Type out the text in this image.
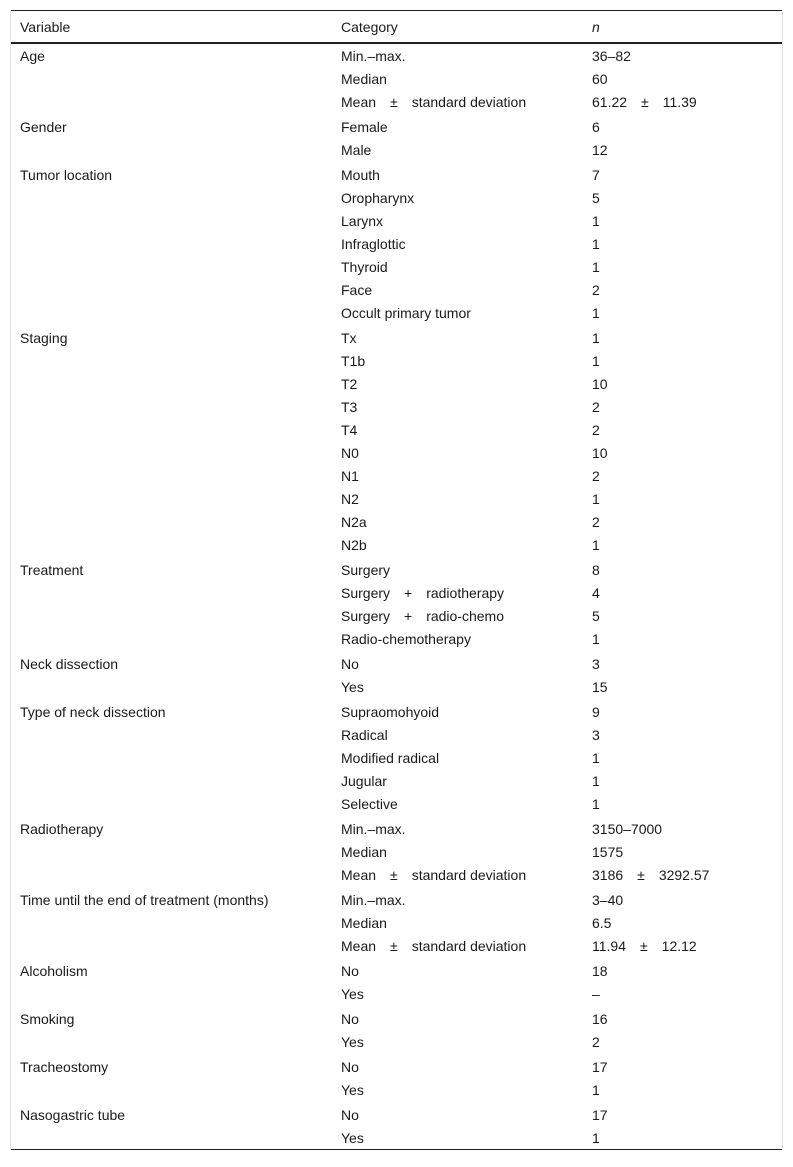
Variable	Category	n
Age	Min.–max.	36–82
	Median	60
	Mean ± standard deviation	61.22 ± 11.39
Gender	Female	6
	Male	12
Tumor location	Mouth	7
	Oropharynx	5
	Larynx	1
	Infraglottic	1
	Thyroid	1
	Face	2
	Occult primary tumor	1
Staging	Tx	1
	T1b	1
	T2	10
	T3	2
	T4	2
	N0	10
	N1	2
	N2	1
	N2a	2
	N2b	1
Treatment	Surgery	8
	Surgery + radiotherapy	4
	Surgery + radio-chemo	5
	Radio-chemotherapy	1
Neck dissection	No	3
	Yes	15
Type of neck dissection	Supraomohyoid	9
	Radical	3
	Modified radical	1
	Jugular	1
	Selective	1
Radiotherapy	Min.–max.	3150–7000
	Median	1575
	Mean ± standard deviation	3186 ± 3292.57
Time until the end of treatment (months)	Min.–max.	3–40
	Median	6.5
	Mean ± standard deviation	11.94 ± 12.12
Alcoholism	No	18
	Yes	–
Smoking	No	16
	Yes	2
Tracheostomy	No	17
	Yes	1
Nasogastric tube	No	17
	Yes	1
